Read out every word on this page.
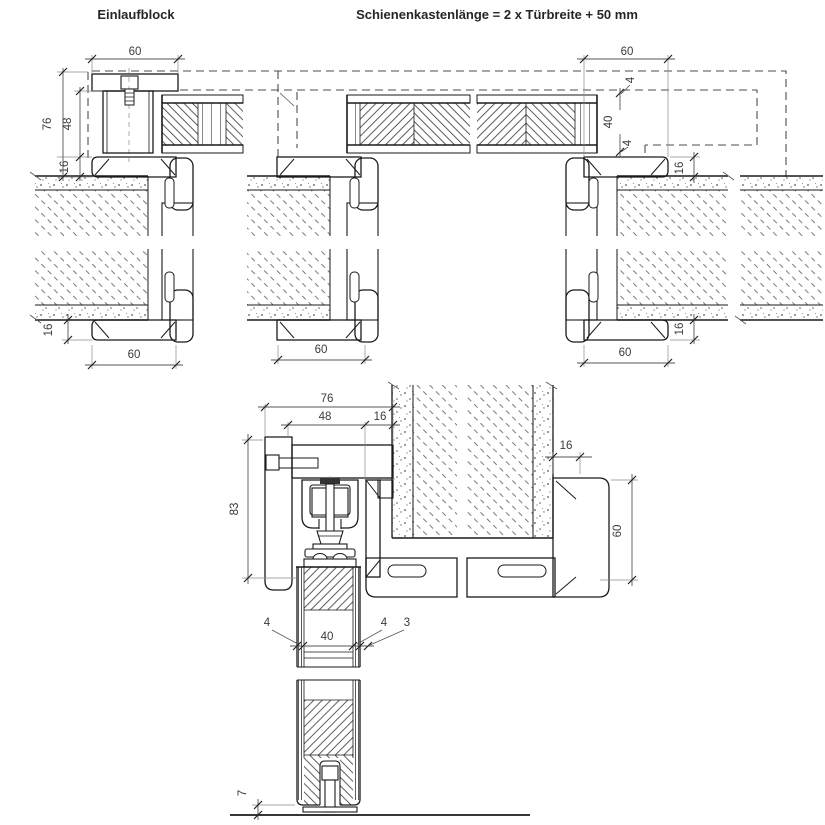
Einlaufblock	Schienenkastenlänge = 2 x Türbreite + 50 mm
60
76 48
16
16
60	60
60
4
40
4
16
16
60
76
48	16
83
16
60
4
40
4 3
7
